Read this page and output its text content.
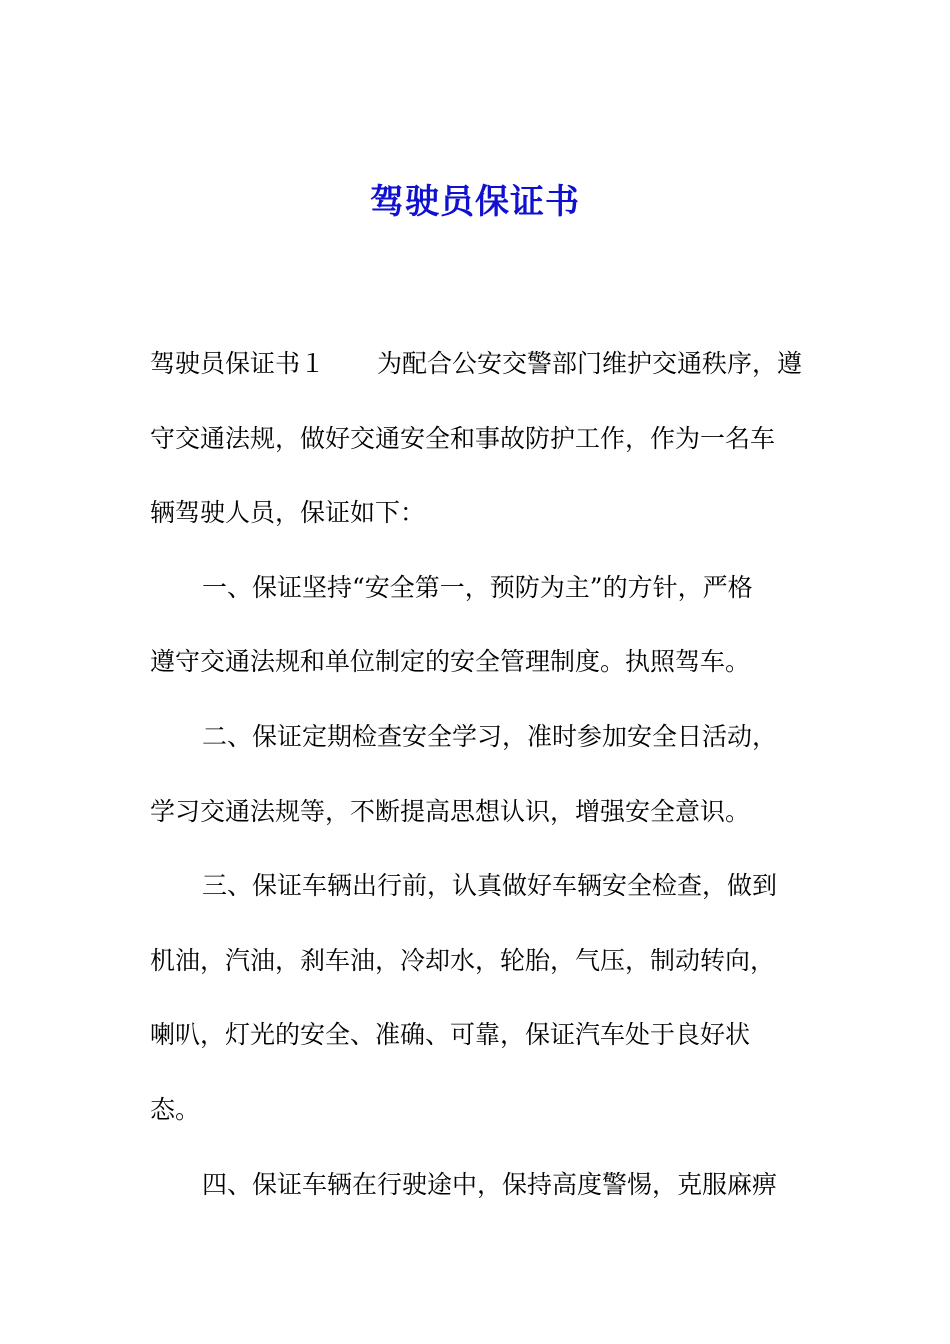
驾驶员保证书
驾驶员保证书１ 为配合公安交警部门维护交通秩序，遵
守交通法规，做好交通安全和事故防护工作，作为一名车
辆驾驶人员，保证如下：
一、保证坚持“安全第一，预防为主”的方针，严格
遵守交通法规和单位制定的安全管理制度。执照驾车。
二、保证定期检查安全学习，准时参加安全日活动，
学习交通法规等，不断提高思想认识，增强安全意识。
三、保证车辆出行前，认真做好车辆安全检查，做到
机油，汽油，刹车油，冷却水，轮胎，气压，制动转向，
喇叭，灯光的安全、准确、可靠，保证汽车处于良好状
态。
四、保证车辆在行驶途中，保持高度警惕，克服麻痹
